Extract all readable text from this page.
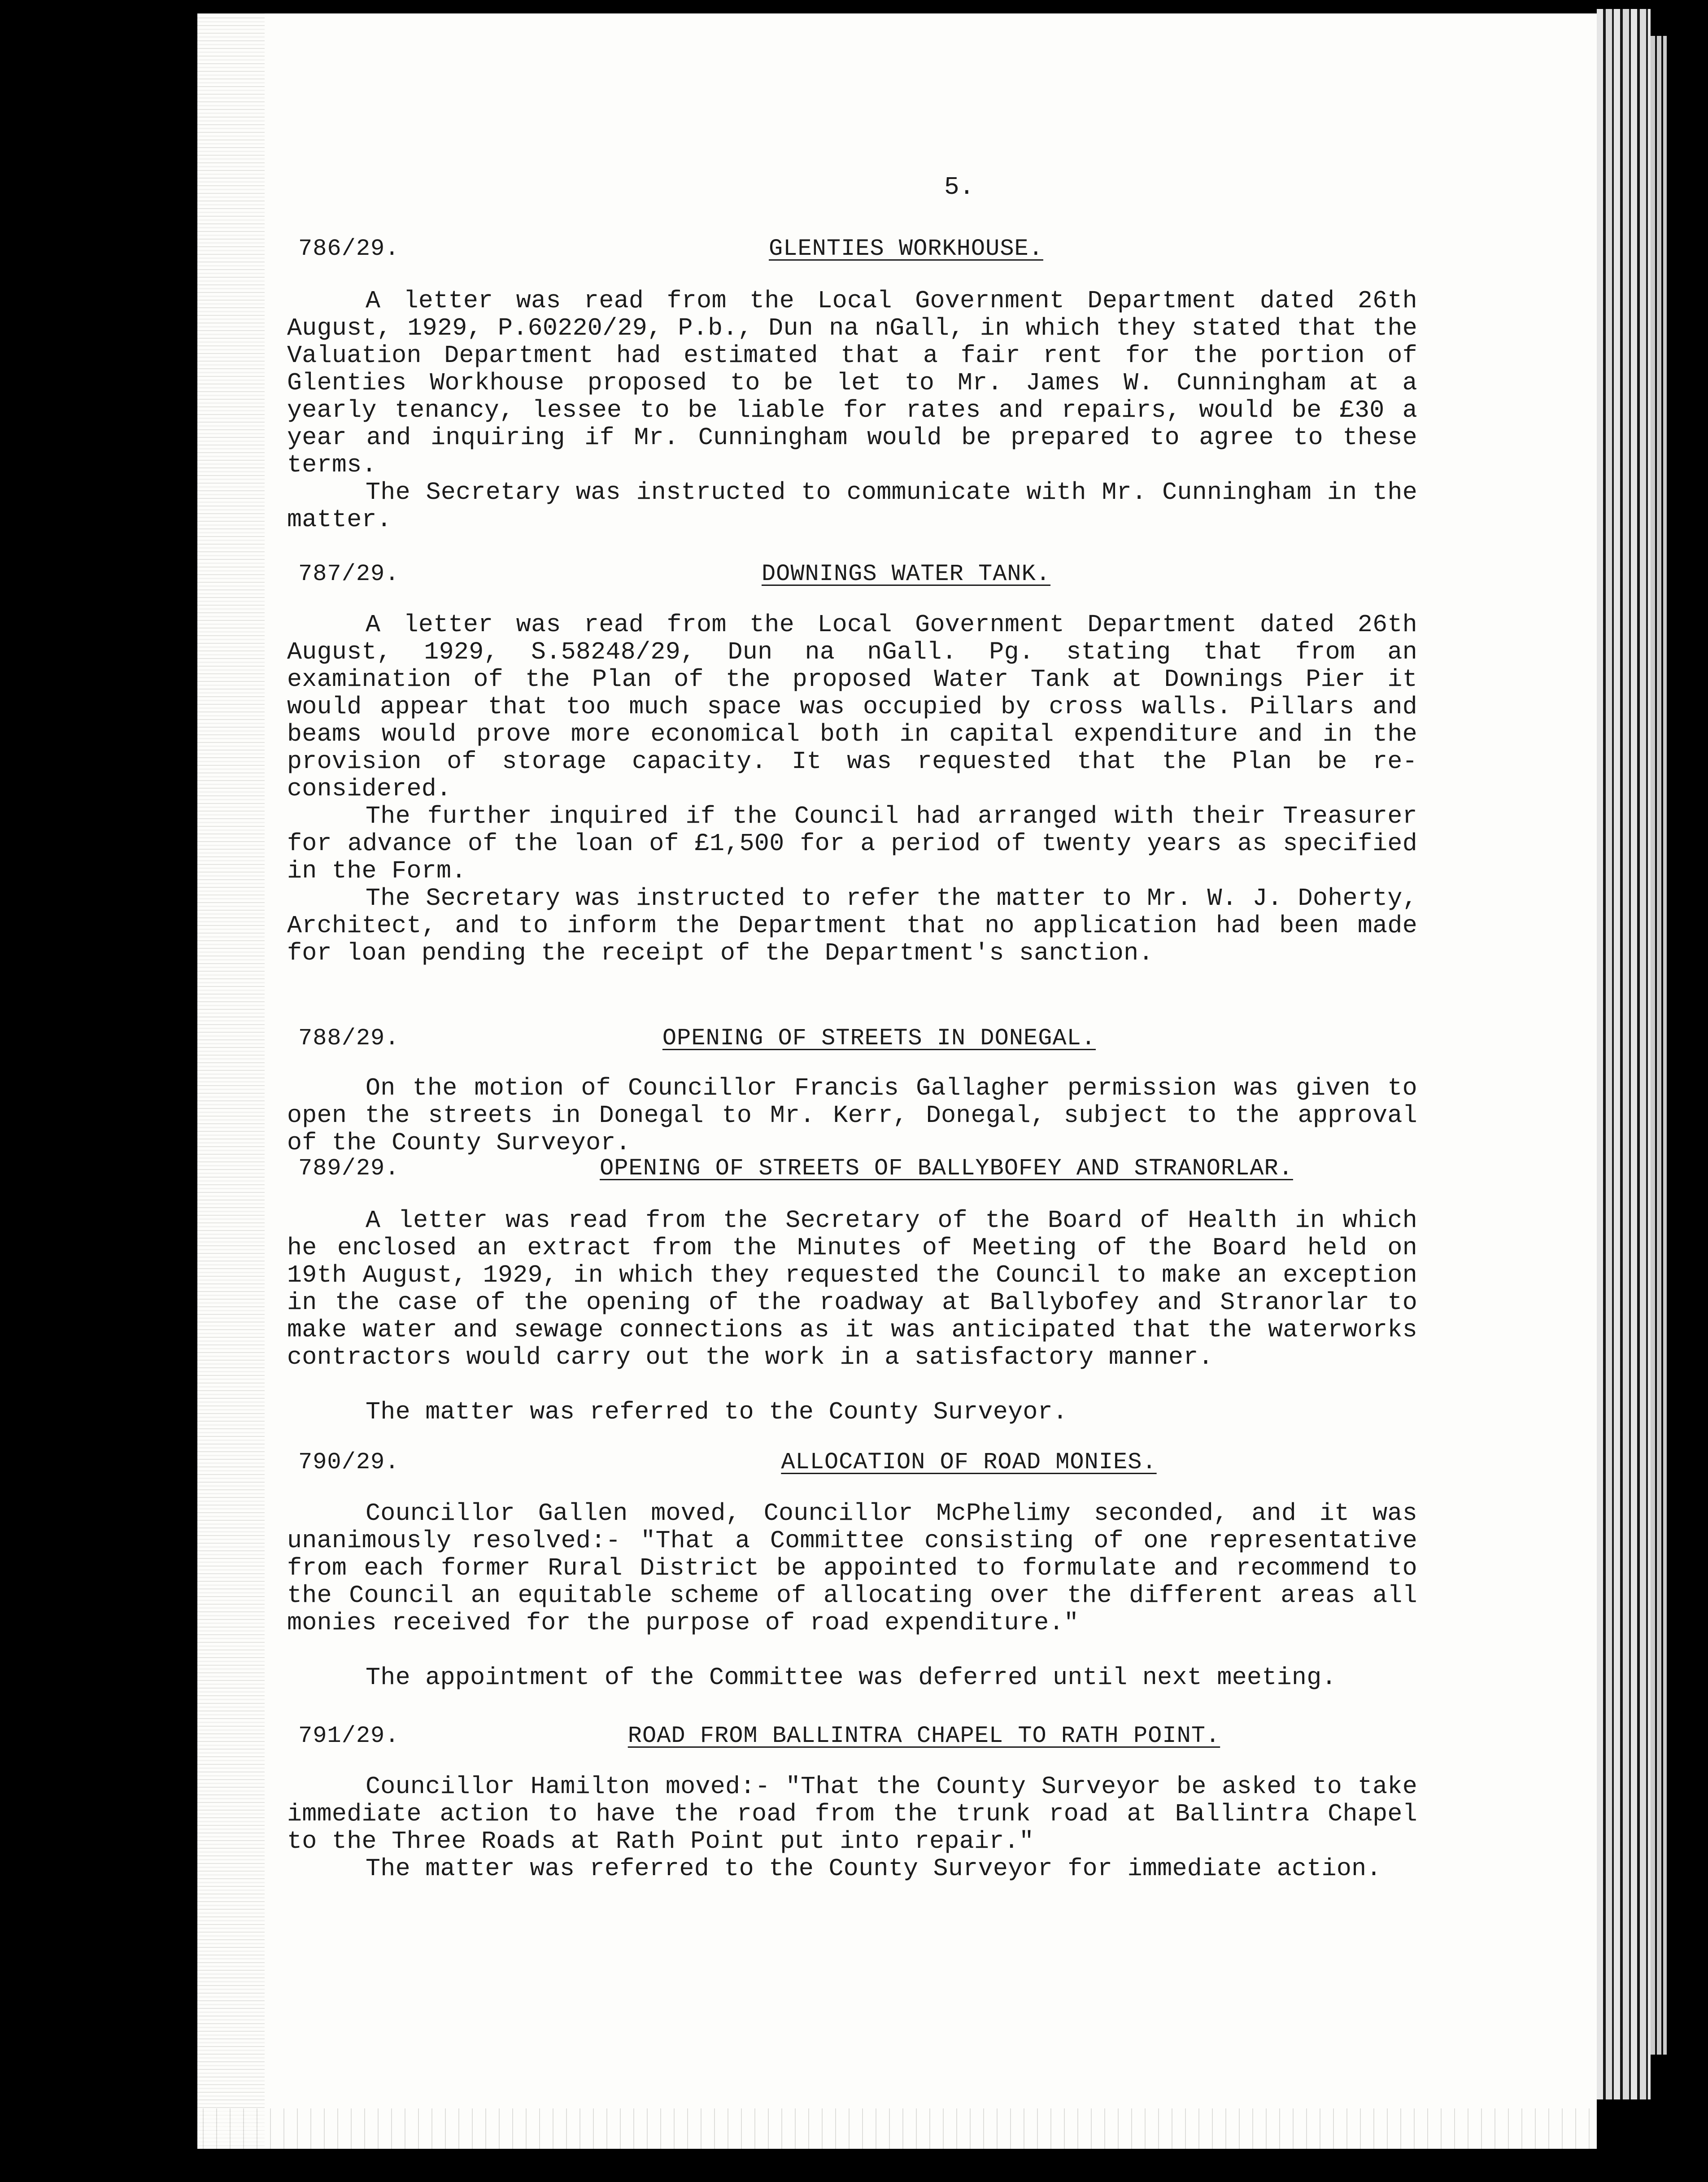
5.
786/29.	GLENTIES WORKHOUSE.

A letter was read from the Local Government Department dated 26th August, 1929, P.60220/29, P.b., Dun na nGall, in which they stated that the Valuation Department had estimated that a fair rent for the portion of Glenties Workhouse proposed to be let to Mr. James W. Cunningham at a yearly tenancy, lessee to be liable for rates and repairs, would be £30 a year and inquiring if Mr. Cunningham would be prepared to agree to these terms.

The Secretary was instructed to communicate with Mr. Cunningham in the matter.

787/29.	DOWNINGS WATER TANK.

A letter was read from the Local Government Department dated 26th August, 1929, S.58248/29, Dun na nGall. Pg. stating that from an examination of the Plan of the proposed Water Tank at Downings Pier it would appear that too much space was occupied by cross walls. Pillars and beams would prove more economical both in capital expenditure and in the provision of storage capacity. It was requested that the Plan be re-considered.

The further inquired if the Council had arranged with their Treasurer for advance of the loan of £1,500 for a period of twenty years as specified in the Form.

The Secretary was instructed to refer the matter to Mr. W. J. Doherty, Architect, and to inform the Department that no application had been made for loan pending the receipt of the Department's sanction.

788/29.	OPENING OF STREETS IN DONEGAL.

On the motion of Councillor Francis Gallagher permission was given to open the streets in Donegal to Mr. Kerr, Donegal, subject to the approval of the County Surveyor.

789/29.	OPENING OF STREETS OF BALLYBOFEY AND STRANORLAR.

A letter was read from the Secretary of the Board of Health in which he enclosed an extract from the Minutes of Meeting of the Board held on 19th August, 1929, in which they requested the Council to make an exception in the case of the opening of the roadway at Ballybofey and Stranorlar to make water and sewage connections as it was anticipated that the waterworks contractors would carry out the work in a satisfactory manner.

The matter was referred to the County Surveyor.

790/29.	ALLOCATION OF ROAD MONIES.

Councillor Gallen moved, Councillor McPhelimy seconded, and it was unanimously resolved:- "That a Committee consisting of one representative from each former Rural District be appointed to formulate and recommend to the Council an equitable scheme of allocating over the different areas all monies received for the purpose of road expenditure."

The appointment of the Committee was deferred until next meeting.

791/29.	ROAD FROM BALLINTRA CHAPEL TO RATH POINT.

Councillor Hamilton moved:- "That the County Surveyor be asked to take immediate action to have the road from the trunk road at Ballintra Chapel to the Three Roads at Rath Point put into repair."

The matter was referred to the County Surveyor for immediate action.
